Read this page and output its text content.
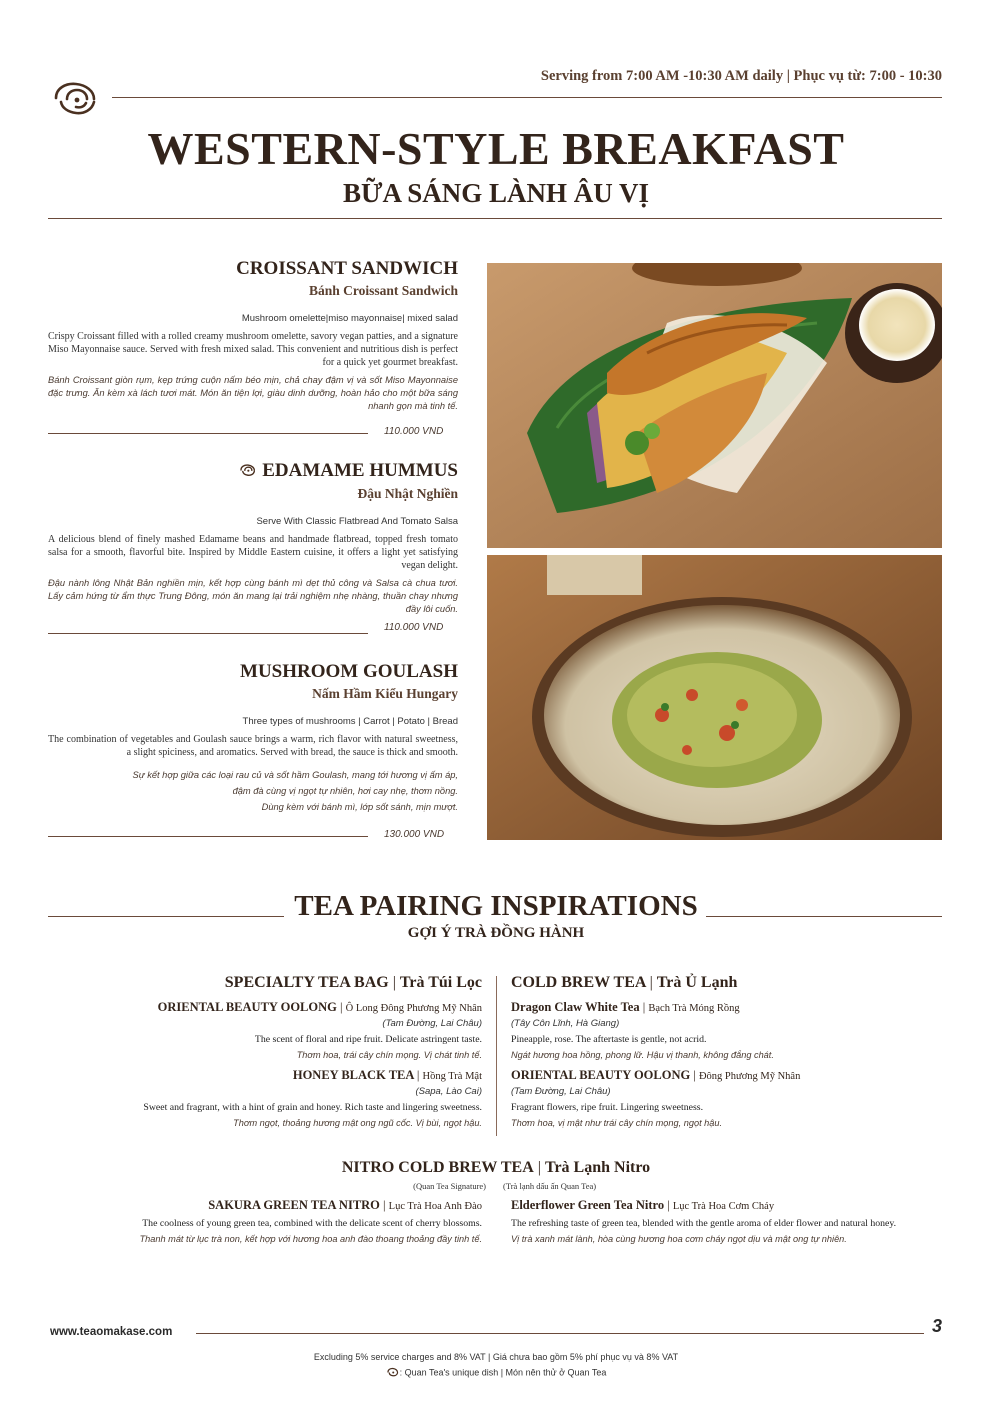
Serving from 7:00 AM -10:30 AM daily | Phục vụ từ: 7:00 - 10:30
WESTERN-STYLE BREAKFAST
BỮA SÁNG LÀNH ÂU VỊ
CROISSANT SANDWICH
Bánh Croissant Sandwich
Mushroom omelette|miso mayonnaise| mixed salad
Crispy Croissant filled with a rolled creamy mushroom omelette, savory vegan patties, and a signature Miso Mayonnaise sauce. Served with fresh mixed salad. This convenient and nutritious dish is perfect for a quick yet gourmet breakfast.
Bánh Croissant giòn rụm, kẹp trứng cuộn nấm béo mịn, chả chay đậm vị và sốt Miso Mayonnaise đặc trưng. Ăn kèm xà lách tươi mát. Món ăn tiện lợi, giàu dinh dưỡng, hoàn hảo cho một bữa sáng nhanh gọn mà tinh tế.
110.000 VND
EDAMAME HUMMUS
Đậu Nhật Nghiền
Serve With Classic Flatbread And Tomato Salsa
A delicious blend of finely mashed Edamame beans and handmade flatbread, topped fresh tomato salsa for a smooth, flavorful bite. Inspired by Middle Eastern cuisine, it offers a light yet satisfying vegan delight.
Đậu nành lông Nhật Bản nghiền mịn, kết hợp cùng bánh mì dẹt thủ công và Salsa cà chua tươi. Lấy cảm hứng từ ẩm thực Trung Đông, món ăn mang lại trải nghiệm nhẹ nhàng, thuần chay nhưng đầy lôi cuốn.
110.000 VND
MUSHROOM GOULASH
Nấm Hầm Kiểu Hungary
Three types of mushrooms | Carrot | Potato | Bread
The combination of vegetables and Goulash sauce brings a warm, rich flavor with natural sweetness, a slight spiciness, and aromatics. Served with bread, the sauce is thick and smooth.
Sự kết hợp giữa các loại rau củ và sốt hầm Goulash, mang tới hương vị ấm áp,
đậm đà cùng vị ngọt tự nhiên, hơi cay nhẹ, thơm nồng.
Dùng kèm với bánh mì, lớp sốt sánh, mịn mượt.
130.000 VND
TEA PAIRING INSPIRATIONS
GỢI Ý TRÀ ĐỒNG HÀNH
SPECIALTY TEA BAG | Trà Túi Lọc
ORIENTAL BEAUTY OOLONG | Ô Long Đông Phương Mỹ Nhân
(Tam Đường, Lai Châu)
The scent of floral and ripe fruit. Delicate astringent taste.
Thơm hoa, trái cây chín mọng. Vị chát tinh tế.
HONEY BLACK TEA | Hồng Trà Mật
(Sapa, Lào Cai)
Sweet and fragrant, with a hint of grain and honey. Rich taste and lingering sweetness.
Thơm ngọt, thoảng hương mật ong ngũ cốc. Vị bùi, ngọt hậu.
COLD BREW TEA | Trà Ủ Lạnh
Dragon Claw White Tea | Bạch Trà Móng Rồng
(Tây Côn Lĩnh, Hà Giang)
Pineapple, rose. The aftertaste is gentle, not acrid.
Ngát hương hoa hồng, phong lữ. Hậu vị thanh, không đắng chát.
ORIENTAL BEAUTY OOLONG | Đông Phương Mỹ Nhân
(Tam Đường, Lai Châu)
Fragrant flowers, ripe fruit. Lingering sweetness.
Thơm hoa, vị mật như trái cây chín mọng, ngọt hậu.
NITRO COLD BREW TEA | Trà Lạnh Nitro
(Quan Tea Signature) (Trà lạnh dấu ấn Quan Tea)
SAKURA GREEN TEA NITRO | Lục Trà Hoa Anh Đào
The coolness of young green tea, combined with the delicate scent of cherry blossoms.
Thanh mát từ lục trà non, kết hợp với hương hoa anh đào thoang thoảng đầy tinh tế.
Elderflower Green Tea Nitro | Lục Trà Hoa Cơm Cháy
The refreshing taste of green tea, blended with the gentle aroma of elder flower and natural honey.
Vị trà xanh mát lành, hòa cùng hương hoa cơm cháy ngọt dịu và mật ong tự nhiên.
www.teaomakase.com	3
Excluding 5% service charges and 8% VAT | Giá chưa bao gồm 5% phí phục vụ và 8% VAT
: Quan Tea's unique dish | Món nên thử ở Quan Tea
